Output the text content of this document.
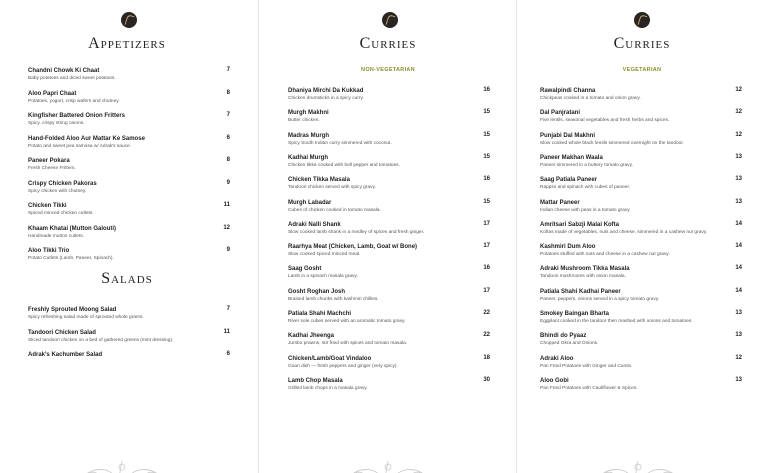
Appetizers
Chandni Chowk Ki Chaat
Baby potatoes and diced sweet potatoes.
7
Aloo Papri Chaat
Potatoes, yogurt, crisp wafers and chutney.
8
Kingfisher Battered Onion Fritters
Spicy, crispy string onions.
7
Hand-Folded Aloo Aur Mattar Ke Samose
Potato and sweet pea samosa w/ Adrak's sauce.
6
Paneer Pokara
Fresh Cheese Fritters.
8
Crispy Chicken Pakoras
Spicy chicken with chutney.
9
Chicken Tikki
Spiced minced chicken cutlets.
11
Khaam Khatai (Mutton Galouti)
Handmade mutton cutlets.
12
Aloo Tikki Trio
Potato Cutlets (Lamb, Paneer, Spinach).
9
Salads
Freshly Sprouted Moong Salad
Spicy refreshing salad made of sprouted whole grams.
7
Tandoori Chicken Salad
Sliced tandoori chicken on a bed of gathered greens (mint dressing).
11
Adrak's Kachumber Salad	6
Curries
NON-VEGETARIAN
Dhaniya Mirchi Da Kukkad
Chicken drumsticks in a spicy curry.
16
Murgh Makhni
Butter chicken.
15
Madras Murgh
Spicy South Indian curry simmered with coconut.
15
Kadhai Murgh
Chicken tikka cooked with bell pepper and tomatoes.
15
Chicken Tikka Masala
Tandoori chicken served with spicy gravy.
16
Murgh Labadar
Cubes of chicken cooked in tomato masala.
15
Adraki Nalli Shank
Slow cooked lamb shank in a medley of spices and fresh ginger.
17
Raarhya Meat (Chicken, Lamb, Goat w/ Bone)
Slow cooked spiced minced meat.
17
Saag Gosht
Lamb in a spinach masala gravy.
16
Gosht Roghan Josh
Braised lamb chunks with kashmiri chillies.
17
Patiala Shahi Machchi
River sole cubes served with an aromatic tomato gravy.
22
Kadhai Jheenga
Jumbo prawns, stir fried with spices and tomato masala.
22
Chicken/Lamb/Goat Vindaloo
Goan dish — fresh peppers and ginger (very spicy).
18
Lamb Chop Masala
Grilled lamb chops in a masala gravy.
30
Curries
VEGETARIAN
Rawalpindi Channa
Chickpeas cooked in a tomato and onion gravy.
12
Dal Panjratani
Five lentils, seasonal vegetables and fresh herbs and spices.
12
Punjabi Dal Makhni
Slow cooked whole black lentils simmered overnight on the tandoor.
12
Paneer Makhan Waala
Paneer simmered in a buttery tomato gravy.
13
Saag Patiala Paneer
Rappini and spinach with cubes of paneer.
13
Mattar Paneer
Indian cheese with peas in a tomato gravy.
13
Amritsari Sabzji Malai Kofta
Koftas made of vegetables, nuts and cheese, simmered in a cashew nut gravy.
14
Kashmiri Dum Aloo
Potatoes stuffed with nuts and cheese in a cashew nut gravy.
14
Adraki Mushroom Tikka Masala
Tandoori mushrooms with onion masala.
14
Patiala Shahi Kadhai Paneer
Paneer, peppers, onions served in a spicy tomato gravy.
14
Smokey Baingan Bharta
Eggplant cooked in the tandoor then mashed with onions and tomatoes.
13
Bhindi do Pyaaz
Chopped Okra and Onions.
13
Adraki Aloo
Pan Fried Potatoes with Ginger and Cumin.
12
Aloo Gobi
Pan Fried Potatoes with Cauliflower & Spices.
13
